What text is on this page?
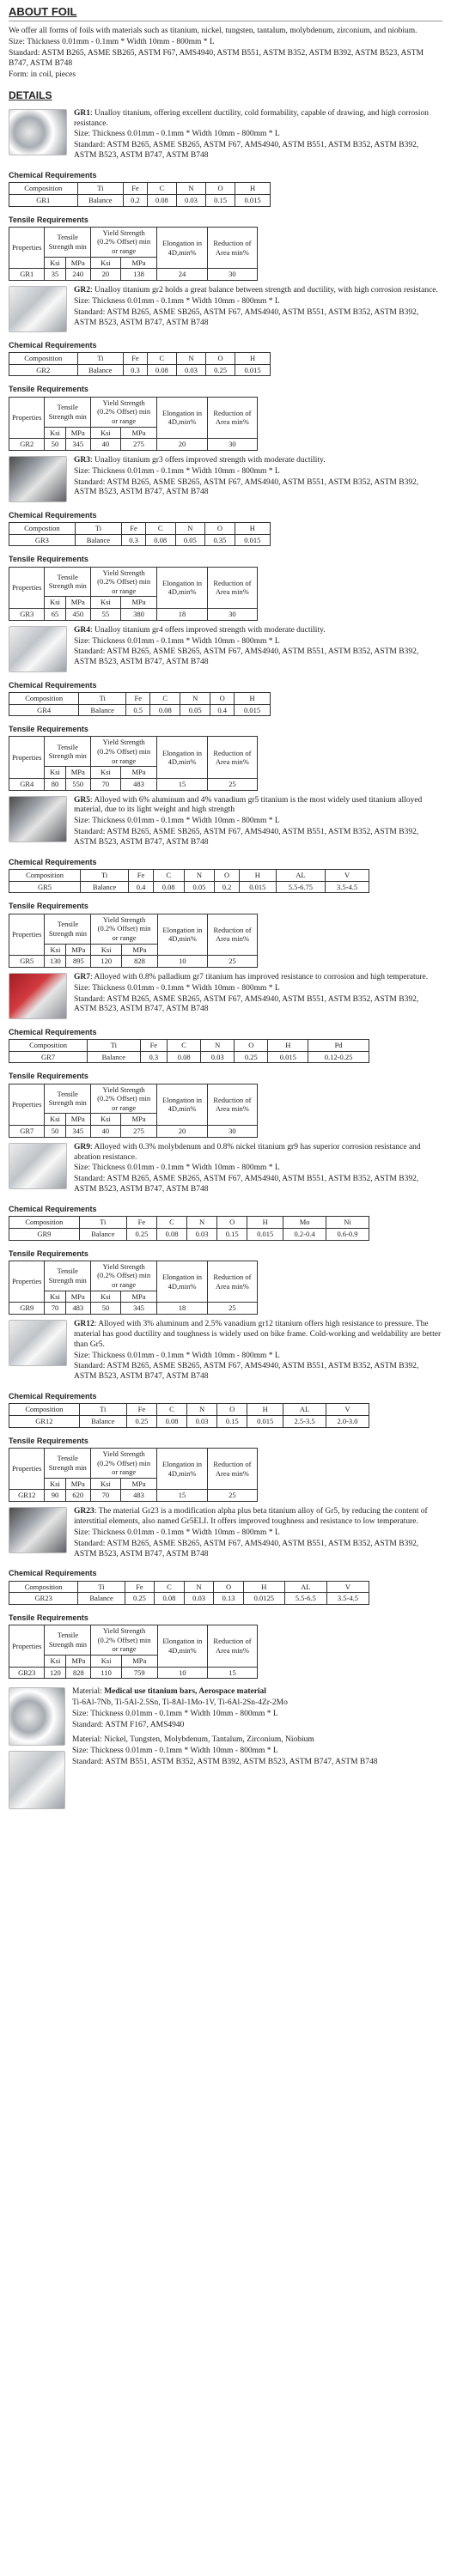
ABOUT FOIL

We offer all forms of foils with materials such as titanium, nickel, tungsten, tantalum, molybdenum, zirconium, and niobium.

Size: Thickness 0.01mm - 0.1mm * Width 10mm - 800mm * L

Standard: ASTM B265, ASME SB265, ASTM F67, AMS4940, ASTM B551, ASTM B352, ASTM B392, ASTM B523, ASTM B747, ASTM B748

Form: in coil, pieces

DETAILS

GR1: Unalloy titanium, offering excellent ductility, cold formability, capable of drawing, and high corrosion resistance.

Size: Thickness 0.01mm - 0.1mm * Width 10mm - 800mm * L

Standard: ASTM B265, ASME SB265, ASTM F67, AMS4940, ASTM B551, ASTM B352, ASTM B392, ASTM B523, ASTM B747, ASTM B748

Chemical Requirements
Composition	Ti	Fe	C	N	O	H
GR1	Balance	0.2	0.08	0.03	0.15	0.015
Tensile Requirements
Properties	Tensile Strength min		Yield Strength (0.2% Offset) min or range		Elongation in 4D,min%	Reduction of Area min%
	Ksi	MPa	Ksi	MPa		
GR1	35	240	20	138	24	30

GR2: Unalloy titanium gr2 holds a great balance between strength and ductility, with high corrosion resistance.

Size: Thickness 0.01mm - 0.1mm * Width 10mm - 800mm * L

Standard: ASTM B265, ASME SB265, ASTM F67, AMS4940, ASTM B551, ASTM B352, ASTM B392, ASTM B523, ASTM B747, ASTM B748

Chemical Requirements
Composition	Ti	Fe	C	N	O	H
GR2	Balance	0.3	0.08	0.03	0.25	0.015
Tensile Requirements
Properties	Tensile Strength min		Yield Strength (0.2% Offset) min or range		Elongation in 4D,min%	Reduction of Area min%
	Ksi	MPa	Ksi	MPa		
GR2	50	345	40	275	20	30

GR3: Unalloy titanium gr3 offers improved strength with moderate ductility.

Size: Thickness 0.01mm - 0.1mm * Width 10mm - 800mm * L

Standard: ASTM B265, ASME SB265, ASTM F67, AMS4940, ASTM B551, ASTM B352, ASTM B392, ASTM B523, ASTM B747, ASTM B748

Chemical Requirements
Compostion	Ti	Fe	C	N	O	H
GR3	Balance	0.3	0.08	0.05	0.35	0.015
Tensile Requirements
Properties	Tensile Strength min		Yield Strength (0.2% Offset) min or range		Elongation in 4D,min%	Reduction of Area min%
	Ksi	MPa	Ksi	MPa		
GR3	65	450	55	380	18	30

GR4: Unalloy titanium gr4 offers improved strength with moderate ductility.

Size: Thickness 0.01mm - 0.1mm * Width 10mm - 800mm * L

Standard: ASTM B265, ASME SB265, ASTM F67, AMS4940, ASTM B551, ASTM B352, ASTM B392, ASTM B523, ASTM B747, ASTM B748

Chemical Requirements
Composition	Ti	Fe	C	N	O	H
GR4	Balance	0.5	0.08	0.05	0.4	0.015
Tensile Requirements
Properties	Tensile Strength min		Yield Strength (0.2% Offset) min or range		Elongation in 4D,min%	Reduction of Area min%
	Ksi	MPa	Ksi	MPa		
GR4	80	550	70	483	15	25

GR5: Alloyed with 6% aluminum and 4% vanadium gr5 titanium is the most widely used titanium alloyed material, due to its light weight and high strength

Size: Thickness 0.01mm - 0.1mm * Width 10mm - 800mm * L

Standard: ASTM B265, ASME SB265, ASTM F67, AMS4940, ASTM B551, ASTM B352, ASTM B392, ASTM B523, ASTM B747, ASTM B748

Chemical Requirements
Composition	Ti	Fe	C	N	O	H	AL	V
GR5	Balance	0.4	0.08	0.05	0.2	0.015	5.5-6.75	3.5-4.5
Tensile Requirements
Properties	Tensile Strength min		Yield Strength (0.2% Offset) min or range		Elongation in 4D,min%	Reduction of Area min%
	Ksi	MPa	Ksi	MPa		
GR5	130	895	120	828	10	25

GR7: Alloyed with 0.8% palladium gr7 titanium has improved resistance to corrosion and high temperature.

Size: Thickness 0.01mm - 0.1mm * Width 10mm - 800mm * L

Standard: ASTM B265, ASME SB265, ASTM F67, AMS4940, ASTM B551, ASTM B352, ASTM B392, ASTM B523, ASTM B747, ASTM B748

Chemical Requirements
Composition	Ti	Fe	C	N	O	H	Pd
GR7	Balance	0.3	0.08	0.03	0.25	0.015	0.12-0.25
Tensile Requirements
Properties	Tensile Strength min		Yield Strength (0.2% Offset) min or range		Elongation in 4D,min%	Reduction of Area min%
	Ksi	MPa	Ksi	MPa		
GR7	50	345	40	275	20	30

GR9: Alloyed with 0.3% molybdenum and 0.8% nickel titanium gr9 has superior corrosion resistance and abration resistance.

Size: Thickness 0.01mm - 0.1mm * Width 10mm - 800mm * L

Standard: ASTM B265, ASME SB265, ASTM F67, AMS4940, ASTM B551, ASTM B352, ASTM B392, ASTM B523, ASTM B747, ASTM B748

Chemical Requirements
Composition	Ti	Fe	C	N	O	H	Mo	Ni
GR9	Balance	0.25	0.08	0.03	0.15	0.015	0.2-0.4	0.6-0.9
Tensile Requirements
Properties	Tensile Strength min		Yield Strength (0.2% Offset) min or range		Elongation in 4D,min%	Reduction of Area min%
	Ksi	MPa	Ksi	MPa		
GR9	70	483	50	345	18	25

GR12: Alloyed with 3% aluminum and 2.5% vanadium gr12 titanium offers high resistance to pressure. The material has good ductility and toughness is widely used on bike frame. Cold-working and weldability are better than Gr5.

Size: Thickness 0.01mm - 0.1mm * Width 10mm - 800mm * L

Standard: ASTM B265, ASME SB265, ASTM F67, AMS4940, ASTM B551, ASTM B352, ASTM B392, ASTM B523, ASTM B747, ASTM B748

Chemical Requirements
Composition	Ti	Fe	C	N	O	H	AL	V
GR12	Balance	0.25	0.08	0.03	0.15	0.015	2.5-3.5	2.0-3.0
Tensile Requirements
Properties	Tensile Strength min		Yield Strength (0.2% Offset) min or range		Elongation in 4D,min%	Reduction of Area min%
	Ksi	MPa	Ksi	MPa		
GR12	90	620	70	483	15	25

GR23: The material Gr23 is a modification alpha plus beta titanium alloy of Gr5, by reducing the content of interstitial elements, also named Gr5ELI. It offers improved toughness and resistance to low temperature.

Size: Thickness 0.01mm - 0.1mm * Width 10mm - 800mm * L

Standard: ASTM B265, ASME SB265, ASTM F67, AMS4940, ASTM B551, ASTM B352, ASTM B392, ASTM B523, ASTM B747, ASTM B748

Chemical Requirements
Composition	Ti	Fe	C	N	O	H	AL	V
GR23	Balance	0.25	0.08	0.03	0.13	0.0125	5.5-6.5	3.5-4.5
Tensile Requirements
Properties	Tensile Strength min		Yield Strength (0.2% Offset) min or range		Elongation in 4D,min%	Reduction of Area min%
	Ksi	MPa	Ksi	MPa		
GR23	120	828	110	759	10	15

Material: Medical use titanium bars, Aerospace material

Ti-6Al-7Nb, Ti-5Al-2.5Sn, Ti-8Al-1Mo-1V, Ti-6Al-2Sn-4Zr-2Mo

Size: Thickness 0.01mm - 0.1mm * Width 10mm - 800mm * L

Standard: ASTM F167, AMS4940

Material: Nickel, Tungsten, Molybdenum, Tantalum, Zirconium, Niobium

Size: Thickness 0.01mm - 0.1mm * Width 10mm - 800mm * L

Standard: ASTM B551, ASTM B352, ASTM B392, ASTM B523, ASTM B747, ASTM B748
